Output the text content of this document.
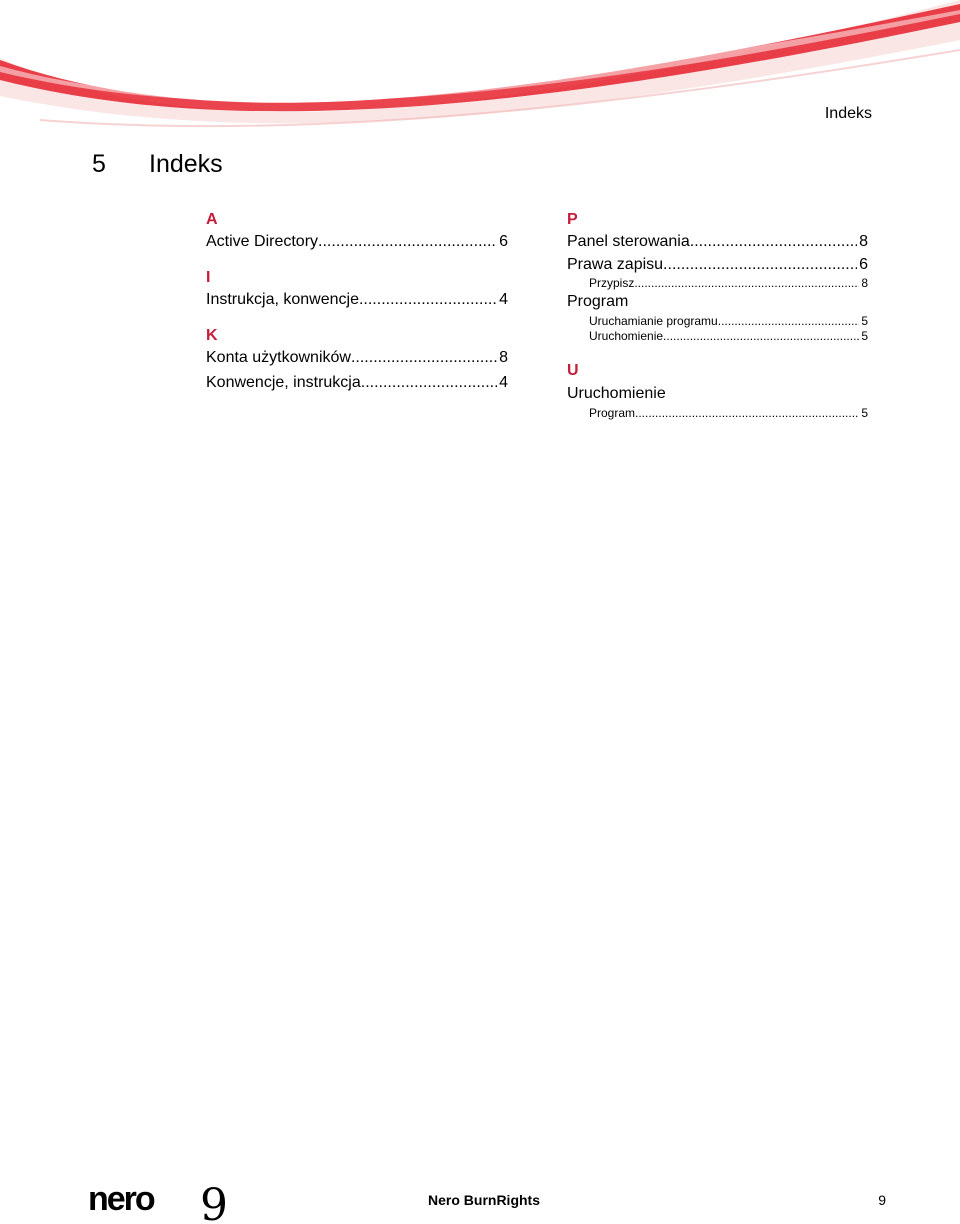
Indeks
5 Indeks
A
Active Directory .....	6
I
Instrukcja, konwencje .....	4
K
Konta użytkowników .....	8
Konwencje, instrukcja .....	4
P
Panel sterowania .....	8
Prawa zapisu .....	6
Przypisz .....	8
Program
Uruchamianie programu .....	5
Uruchomienie .....	5
U
Uruchomienie
Program .....	5
nero 9	Nero BurnRights	9
